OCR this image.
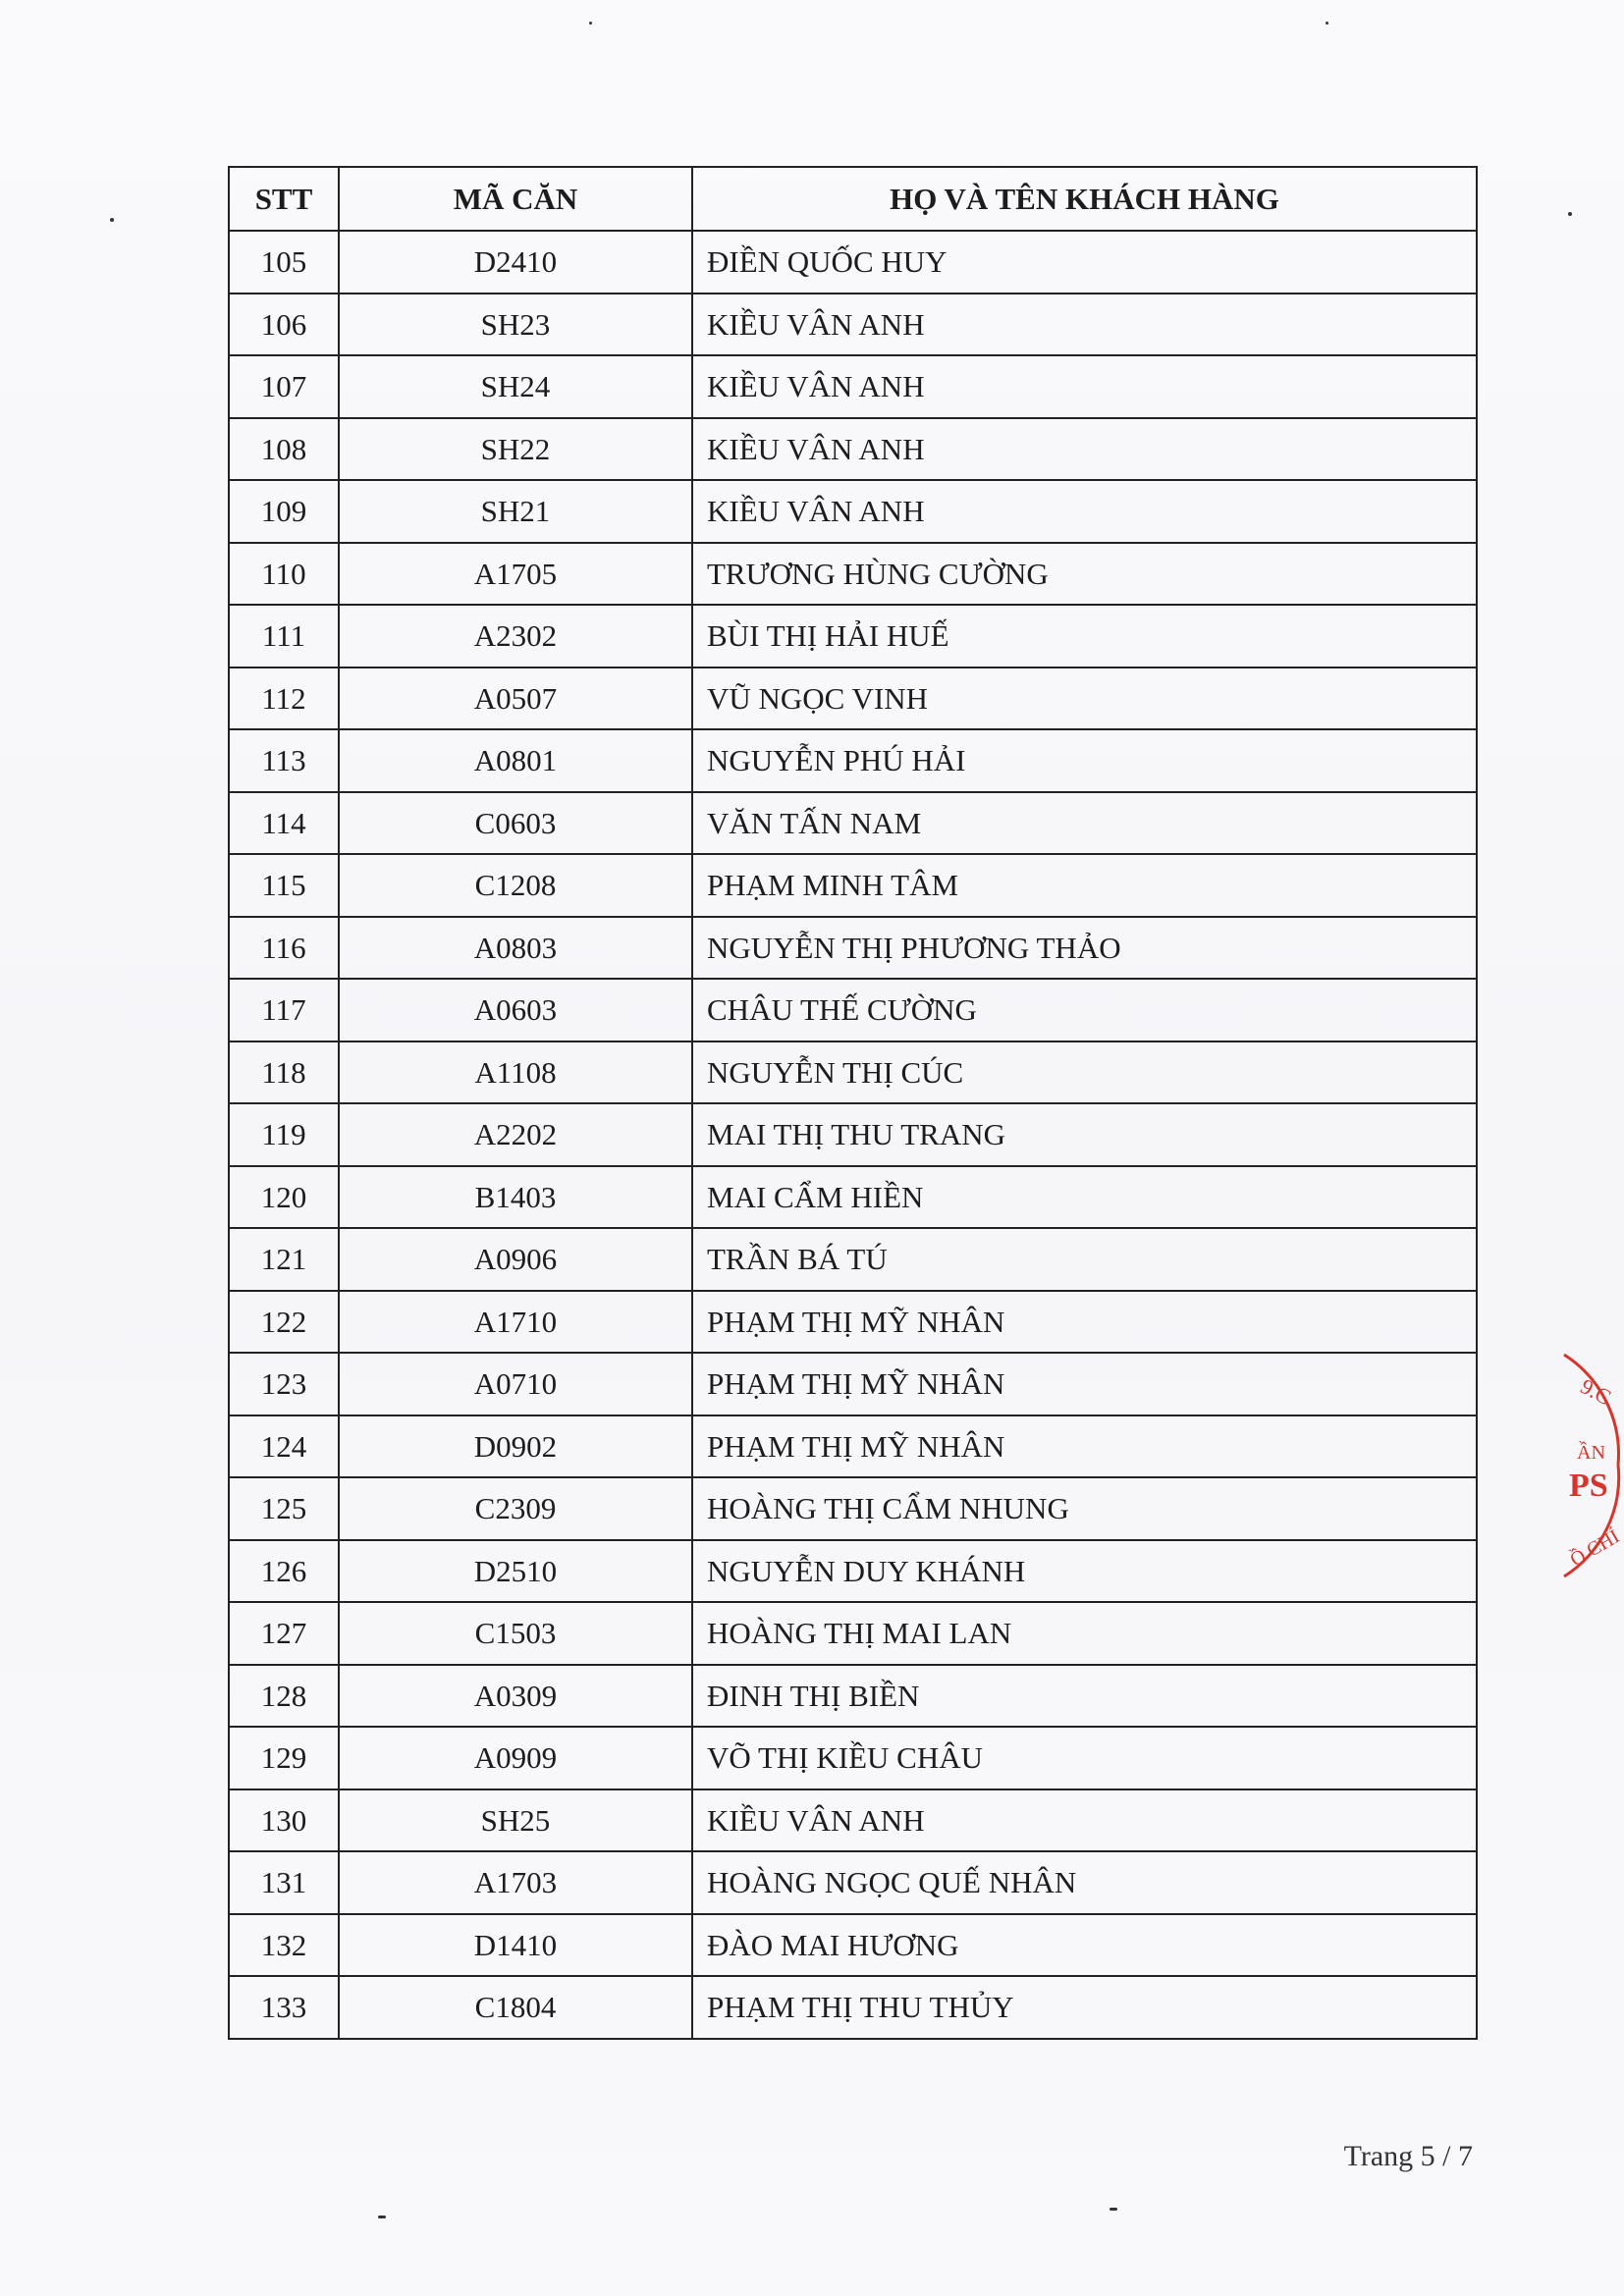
STT	MÃ CĂN	HỌ VÀ TÊN KHÁCH HÀNG
105	D2410	ĐIỀN QUỐC HUY
106	SH23	KIỀU VÂN ANH
107	SH24	KIỀU VÂN ANH
108	SH22	KIỀU VÂN ANH
109	SH21	KIỀU VÂN ANH
110	A1705	TRƯƠNG HÙNG CƯỜNG
111	A2302	BÙI THỊ HẢI HUẾ
112	A0507	VŨ NGỌC VINH
113	A0801	NGUYỄN PHÚ HẢI
114	C0603	VĂN TẤN NAM
115	C1208	PHẠM MINH TÂM
116	A0803	NGUYỄN THỊ PHƯƠNG THẢO
117	A0603	CHÂU THẾ CƯỜNG
118	A1108	NGUYỄN THỊ CÚC
119	A2202	MAI THỊ THU TRANG
120	B1403	MAI CẨM HIỀN
121	A0906	TRẦN BÁ TÚ
122	A1710	PHẠM THỊ MỸ NHÂN
123	A0710	PHẠM THỊ MỸ NHÂN
124	D0902	PHẠM THỊ MỸ NHÂN
125	C2309	HOÀNG THỊ CẨM NHUNG
126	D2510	NGUYỄN DUY KHÁNH
127	C1503	HOÀNG THỊ MAI LAN
128	A0309	ĐINH THỊ BIỀN
129	A0909	VÕ THỊ KIỀU CHÂU
130	SH25	KIỀU VÂN ANH
131	A1703	HOÀNG NGỌC QUẾ NHÂN
132	D1410	ĐÀO MAI HƯƠNG
133	C1804	PHẠM THỊ THU THỦY
Trang 5 / 7
9.C
ẦN
PS
Ồ CHÍ
